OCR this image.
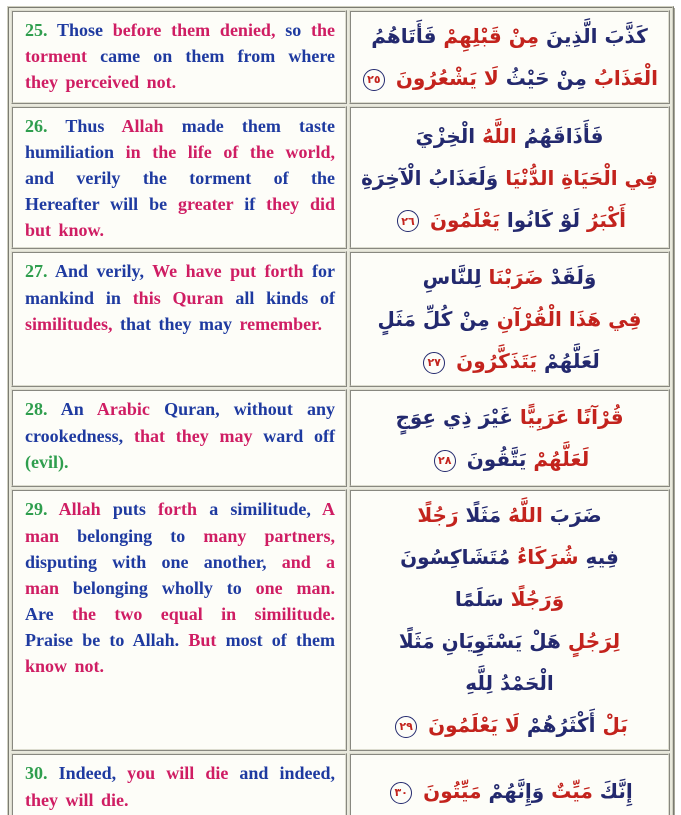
25. Those before them denied, so the torment came on them from where they perceived not.	كَذَّبَ الَّذِينَ مِنْ قَبْلِهِمْ فَأَتَاهُمُ
الْعَذَابُ مِنْ حَيْثُ لَا يَشْعُرُونَ
٢٥

26. Thus Allah made them taste humiliation in the life of the world, and verily the torment of the Hereafter will be greater if they did but know.	فَأَذَاقَهُمُ اللَّهُ الْخِزْيَ
فِي الْحَيَاةِ الدُّنْيَا وَلَعَذَابُ الْآخِرَةِ
أَكْبَرُ لَوْ كَانُوا يَعْلَمُونَ
٢٦

27. And verily, We have put forth for mankind in this Quran all kinds of similitudes, that they may remember.	وَلَقَدْ ضَرَبْنَا لِلنَّاسِ
فِي هَذَا الْقُرْآنِ مِنْ كُلِّ مَثَلٍ
لَعَلَّهُمْ يَتَذَكَّرُونَ
٢٧

28. An Arabic Quran, without any crookedness, that they may ward off (evil).	قُرْآنًا عَرَبِيًّا غَيْرَ ذِي عِوَجٍ
لَعَلَّهُمْ يَتَّقُونَ
٢٨

29. Allah puts forth a similitude, A man belonging to many partners, disputing with one another, and a man belonging wholly to one man. Are the two equal in similitude. Praise be to Allah. But most of them know not.	
ضَرَبَ اللَّهُ مَثَلًا رَجُلًا
فِيهِ شُرَكَاءُ مُتَشَاكِسُونَ
وَرَجُلًا سَلَمًا
لِرَجُلٍ هَلْ يَسْتَوِيَانِ مَثَلًا
الْحَمْدُ لِلَّهِ
بَلْ أَكْثَرُهُمْ لَا يَعْلَمُونَ
٢٩

30. Indeed, you will die and indeed, they will die.	إِنَّكَ مَيِّتٌ وَإِنَّهُمْ مَيِّتُونَ
٣٠
